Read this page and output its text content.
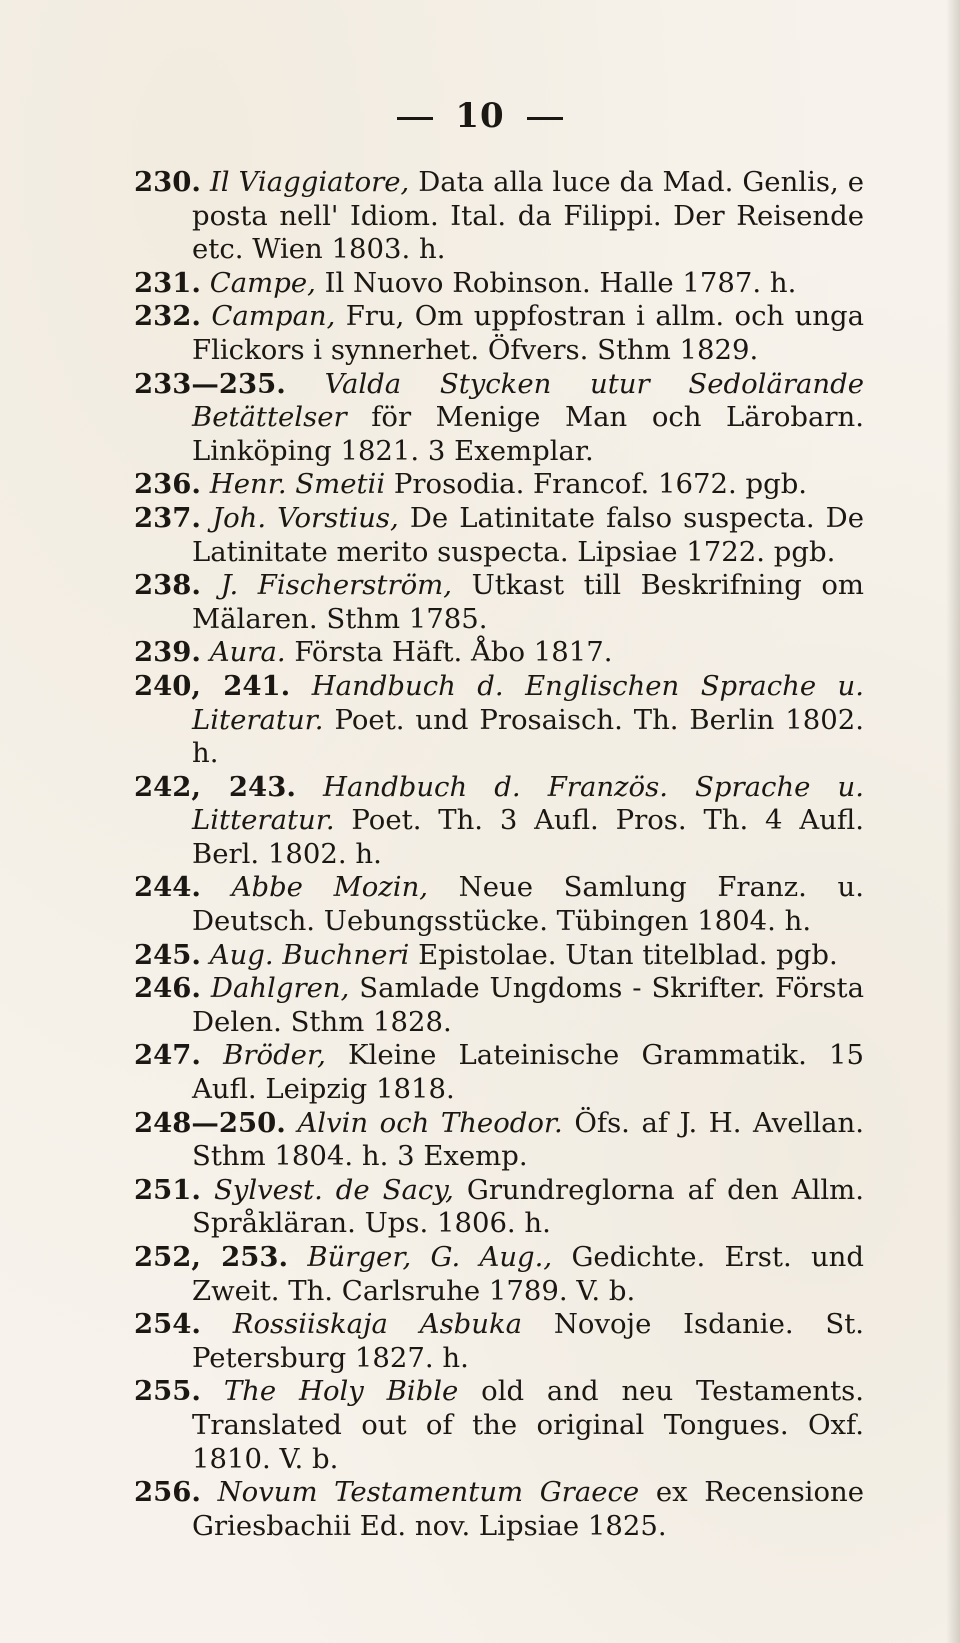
10

230. Il Viaggiatore, Data alla luce da Mad. Genlis, e posta nell' Idiom. Ital. da Filippi. Der Reisende etc. Wien 1803. h.

231. Campe, Il Nuovo Robinson. Halle 1787. h.

232. Campan, Fru, Om uppfostran i allm. och unga Flickors i synnerhet. Öfvers. Sthm 1829.

233—235. Valda Stycken utur Sedolärande Betättelser för Menige Man och Lärobarn. Linköping 1821. 3 Exemplar.

236. Henr. Smetii Prosodia. Francof. 1672. pgb.

237. Joh. Vorstius, De Latinitate falso suspecta. De Latinitate merito suspecta. Lipsiae 1722. pgb.

238. J. Fischerström, Utkast till Beskrifning om Mälaren. Sthm 1785.

239. Aura. Första Häft. Åbo 1817.

240, 241. Handbuch d. Englischen Sprache u. Literatur. Poet. und Prosaisch. Th. Berlin 1802. h.

242, 243. Handbuch d. Französ. Sprache u. Litteratur. Poet. Th. 3 Aufl. Pros. Th. 4 Aufl. Berl. 1802. h.

244. Abbe Mozin, Neue Samlung Franz. u. Deutsch. Uebungsstücke. Tübingen 1804. h.

245. Aug. Buchneri Epistolae. Utan titelblad. pgb.

246. Dahlgren, Samlade Ungdoms - Skrifter. Första Delen. Sthm 1828.

247. Bröder, Kleine Lateinische Grammatik. 15 Aufl. Leipzig 1818.

248—250. Alvin och Theodor. Öfs. af J. H. Avellan. Sthm 1804. h. 3 Exemp.

251. Sylvest. de Sacy, Grundreglorna af den Allm. Språkläran. Ups. 1806. h.

252, 253. Bürger, G. Aug., Gedichte. Erst. und Zweit. Th. Carlsruhe 1789. V. b.

254. Rossiiskaja Asbuka Novoje Isdanie. St. Petersburg 1827. h.

255. The Holy Bible old and neu Testaments. Translated out of the original Tongues. Oxf. 1810. V. b.

256. Novum Testamentum Graece ex Recensione Griesbachii Ed. nov. Lipsiae 1825.
